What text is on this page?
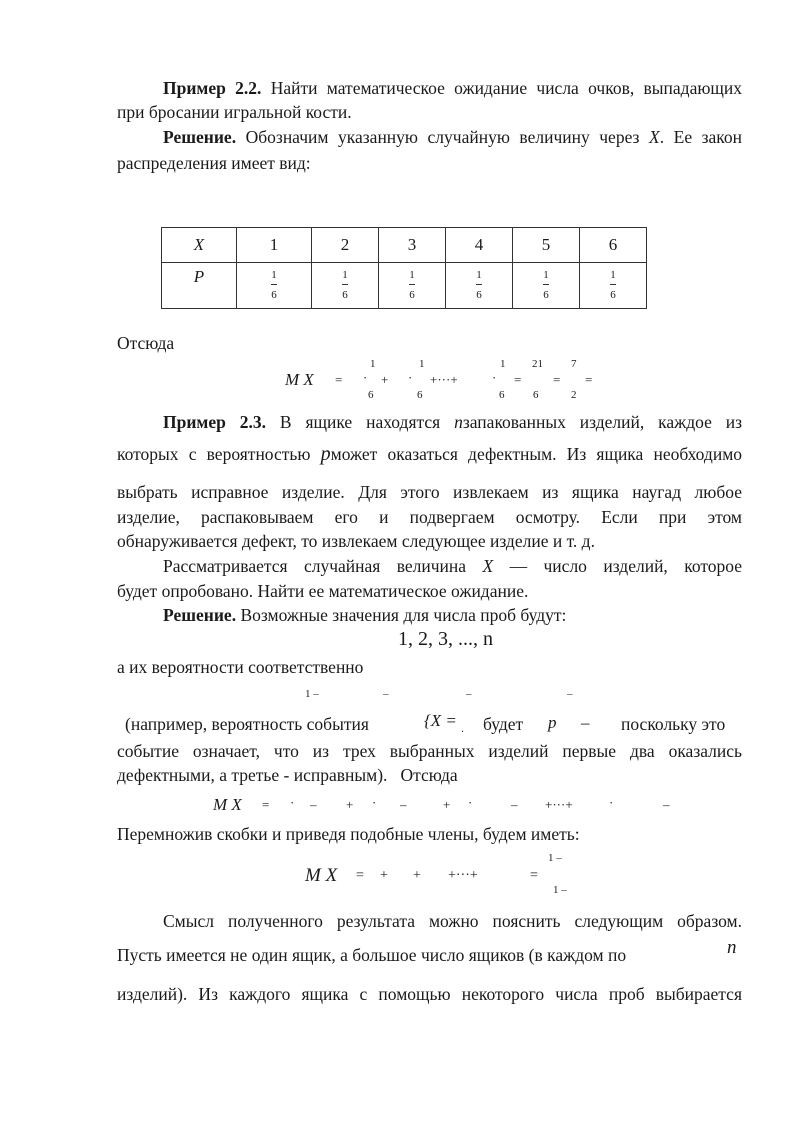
Пример 2.2. Найти математическое ожидание числа очков, выпадающих
при бросании игральной кости.
Решение. Обозначим указанную случайную величину через X. Ее закон
распределения имеет вид:
X	1	2	3	4	5	6
P	$\frac{1}{6}$	$\frac{1}{6}$	$\frac{1}{6}$	$\frac{1}{6}$	$\frac{1}{6}$	$\frac{1}{6}$
Отсюда
M X =
1
6
· +
1
6
· +···+
1
6
· =
21
6
=
7
2
=
Пример 2.3. В ящике находятся nзапакованных изделий, каждое из
которых с вероятностью pможет оказаться дефектным. Из ящика необходимо
выбрать исправное изделие. Для этого извлекаем из ящика наугад любое
изделие, распаковываем его и подвергаем осмотру. Если при этом
обнаруживается дефект, то извлекаем следующее изделие и т. д.
Рассматривается случайная величина X — число изделий, которое
будет опробовано. Найти ее математическое ожидание.
Решение. Возможные значения для числа проб будут:
1, 2, 3, ..., n
а их вероятности соответственно
1 –	–	–	–
(например, вероятность события	{X = $_.$ будет p – поскольку это
событие означает, что из трех выбранных изделий первые два оказались
дефектными, а третье - исправным). Отсюда
M X = · – + · –	+ ·	– +···+	·	–
Перемножив скобки и приведя подобные члены, будем иметь:
M X = + + +···+	=
1 –
1 –
Смысл полученного результата можно пояснить следующим образом.
Пусть имеется не один ящик, а большое число ящиков (в каждом по	n
изделий). Из каждого ящика с помощью некоторого числа проб выбирается
